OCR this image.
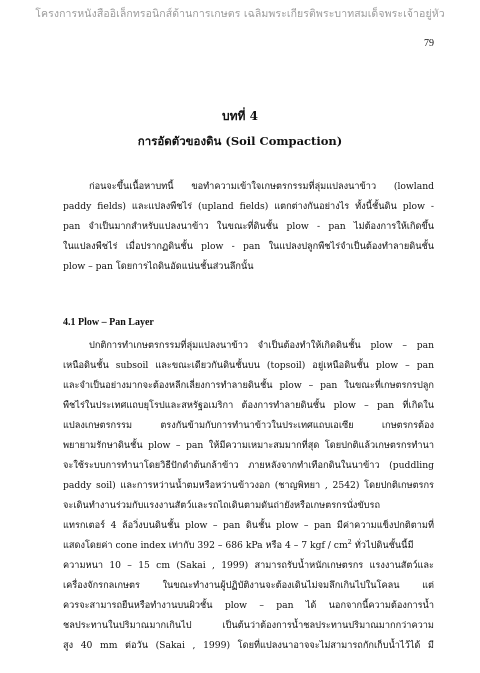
โครงการหนังสืออิเล็กทรอนิกส์ด้านการเกษตร เฉลิมพระเกียรติพระบาทสมเด็จพระเจ้าอยู่หัว
79
บทที่ 4
การอัดตัวของดิน (Soil Compaction)
ก่อนจะขึ้นเนื้อหาบทนี้ ขอทำความเข้าใจเกษตรกรรมที่ลุ่มแปลงนาข้าว (lowland
paddy fields) และแปลงพืชไร่ (upland fields) แตกต่างกันอย่างไร ทั้งนี้ชั้นดิน plow -
pan จำเป็นมากสำหรับแปลงนาข้าว ในขณะที่ดินชั้น plow - pan ไม่ต้องการให้เกิดขึ้น
ในแปลงพืชไร่ เมื่อปรากฏดินชั้น plow - pan ในแปลงปลูกพืชไร่จำเป็นต้องทำลายดินชั้น
plow – pan โดยการไถดินอัดแน่นชั้นส่วนลึกนั้น
4.1 Plow – Pan Layer
ปกติการทำเกษตรกรรมที่ลุ่มแปลงนาข้าว จำเป็นต้องทำให้เกิดดินชั้น plow – pan
เหนือดินชั้น subsoil และขณะเดียวกันดินชั้นบน (topsoil) อยู่เหนือดินชั้น plow – pan
และจำเป็นอย่างมากจะต้องหลีกเลี่ยงการทำลายดินชั้น plow – pan ในขณะที่เกษตรกรปลูก
พืชไร่ในประเทศแถบยุโรปและสหรัฐอเมริกา ต้องการทำลายดินชั้น plow – pan ที่เกิดใน
แปลงเกษตรกรรม ตรงกันข้ามกับการทำนาข้าวในประเทศแถบเอเซีย เกษตรกรต้อง
พยายามรักษาดินชั้น plow – pan ให้มีความเหมาะสมมากที่สุด โดยปกติแล้วเกษตรกรทำนา
จะใช้ระบบการทำนาโดยวิธีปักดำต้นกล้าข้าว ภายหลังจากทำเทือกดินในนาข้าว (puddling
paddy soil) และการหว่านน้ำตมหรือหว่านข้าวงอก (ชาญพิทยา , 2542) โดยปกติเกษตรกร
จะเดินทำงานร่วมกับแรงงานสัตว์และรถไถเดินตามดันถ่ายังหรือเกษตรกรนั่งขับรถ
แทรกเตอร์ 4 ล้อวิ่งบนดินชั้น plow – pan ดินชั้น plow – pan มีค่าความแข็งปกติตามที่
แสดงโดยค่า cone index เท่ากับ 392 – 686 kPa หรือ 4 – 7 kgf / $cm^2$ ทั่วไปดินชั้นนี้มี
ความหนา 10 – 15 cm (Sakai , 1999) สามารถรับน้ำหนักเกษตรกร แรงงานสัตว์และ
เครื่องจักรกลเกษตร ในขณะทำงานผู้ปฏิบัติงานจะต้องเดินไม่จมลึกเกินไปในโคลน แต่
ควรจะสามารถยืนหรือทำงานบนผิวชั้น plow – pan ได้ นอกจากนี้ความต้องการน้ำ
ชลประทานในปริมาณมากเกินไป เป็นต้นว่าต้องการน้ำชลประทานปริมาณมากกว่าความ
สูง 40 mm ต่อวัน (Sakai , 1999) โดยที่แปลงนาอาจจะไม่สามารถกักเก็บน้ำไว้ได้ มี
